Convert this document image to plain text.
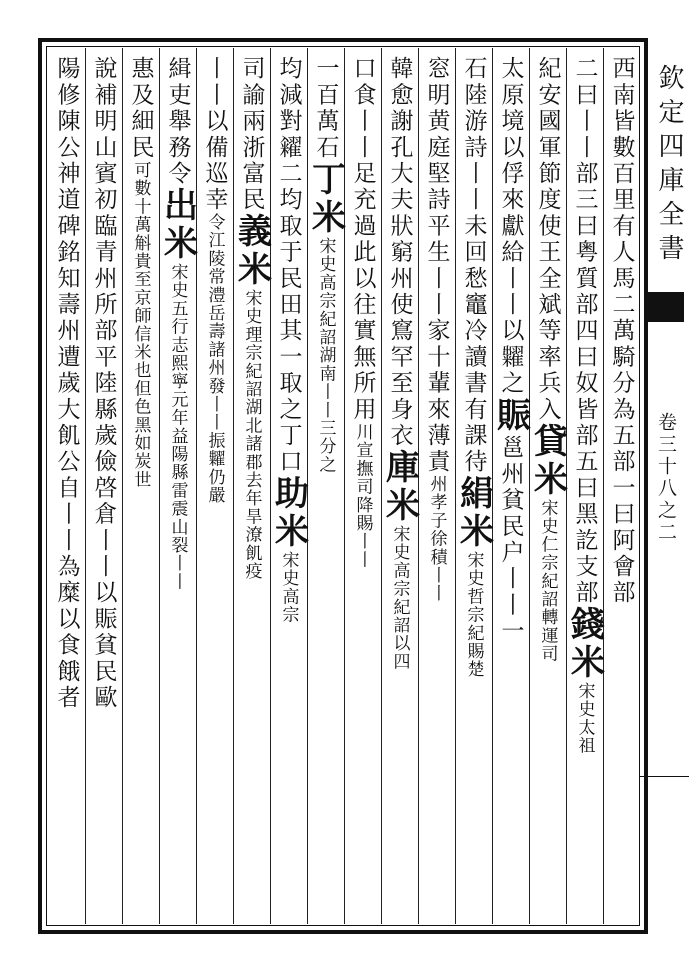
欽定四庫全書
卷三十八之二
西南皆數百里有人馬二萬騎分為五部一曰阿會部
二曰丨丨部三曰粤質部四曰奴皆部五曰黑訖支部
錢米
宋史太祖
紀安國軍節度使王全斌等率兵入
貸米
宋史仁宗紀詔轉運司
太原境以俘來獻給丨丨以糶之
賑
邕州貧民户丨丨一
石陸游詩丨丨未回愁竈冷讀書有課待
絹米
宋史哲宗紀賜楚
窓明黄庭堅詩平生丨丨家十輩來薄責
州孝子徐積丨丨
韓愈謝孔大夫狀窮州使窵罕至身衣
庫米
宋史高宗紀詔以四
口食丨丨足充過此以往實無所用
川宣撫司降賜丨丨
一百萬石
丁米
宋史高宗紀詔湖南丨丨三分之
均減對糴二均取于民田其一取之丁口
助米
宋史高宗
司諭兩浙富民
義米
宋史理宗紀詔湖北諸郡去年旱潦飢疫
丨丨以備巡幸
令江陵常澧岳壽諸州發丨丨振糶仍嚴
緝吏舉務令
出米
宋史五行志熙寧元年益陽縣雷震山裂丨丨
惠及細民
可數十萬斛貴至京師信米也但色黑如炭世
說補明山賓初臨青州所部平陸縣歲儉啓倉丨丨以賑貧民歐
陽修陳公神道碑銘知壽州遭歲大飢公自丨丨為糜以食餓者
